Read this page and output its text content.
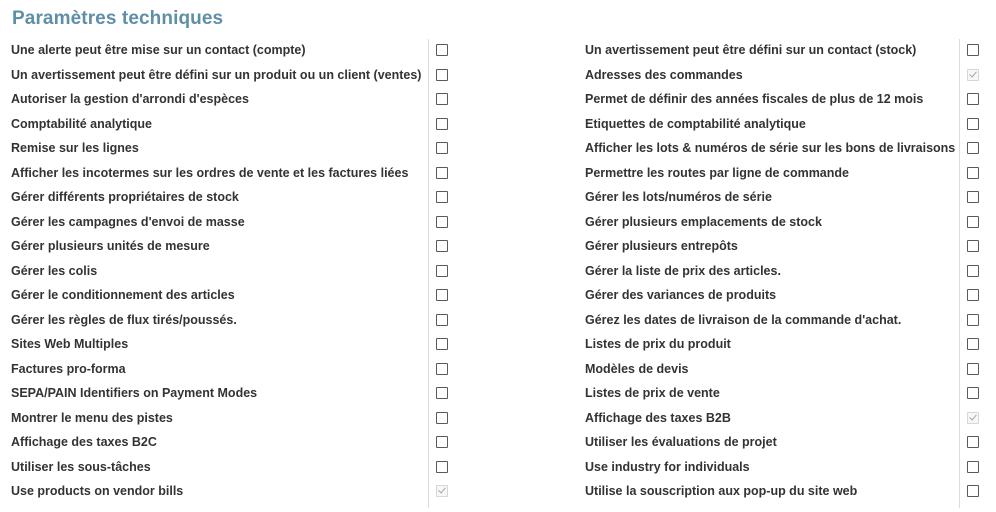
Paramètres techniques
Une alerte peut être mise sur un contact (compte)
Un avertissement peut être défini sur un produit ou un client (ventes)
Autoriser la gestion d'arrondi d'espèces
Comptabilité analytique
Remise sur les lignes
Afficher les incotermes sur les ordres de vente et les factures liées
Gérer différents propriétaires de stock
Gérer les campagnes d'envoi de masse
Gérer plusieurs unités de mesure
Gérer les colis
Gérer le conditionnement des articles
Gérer les règles de flux tirés/poussés.
Sites Web Multiples
Factures pro-forma
SEPA/PAIN Identifiers on Payment Modes
Montrer le menu des pistes
Affichage des taxes B2C
Utiliser les sous-tâches
Use products on vendor bills
Un avertissement peut être défini sur un contact (stock)
Adresses des commandes
Permet de définir des années fiscales de plus de 12 mois
Etiquettes de comptabilité analytique
Afficher les lots & numéros de série sur les bons de livraisons
Permettre les routes par ligne de commande
Gérer les lots/numéros de série
Gérer plusieurs emplacements de stock
Gérer plusieurs entrepôts
Gérer la liste de prix des articles.
Gérer des variances de produits
Gérez les dates de livraison de la commande d'achat.
Listes de prix du produit
Modèles de devis
Listes de prix de vente
Affichage des taxes B2B
Utiliser les évaluations de projet
Use industry for individuals
Utilise la souscription aux pop-up du site web
